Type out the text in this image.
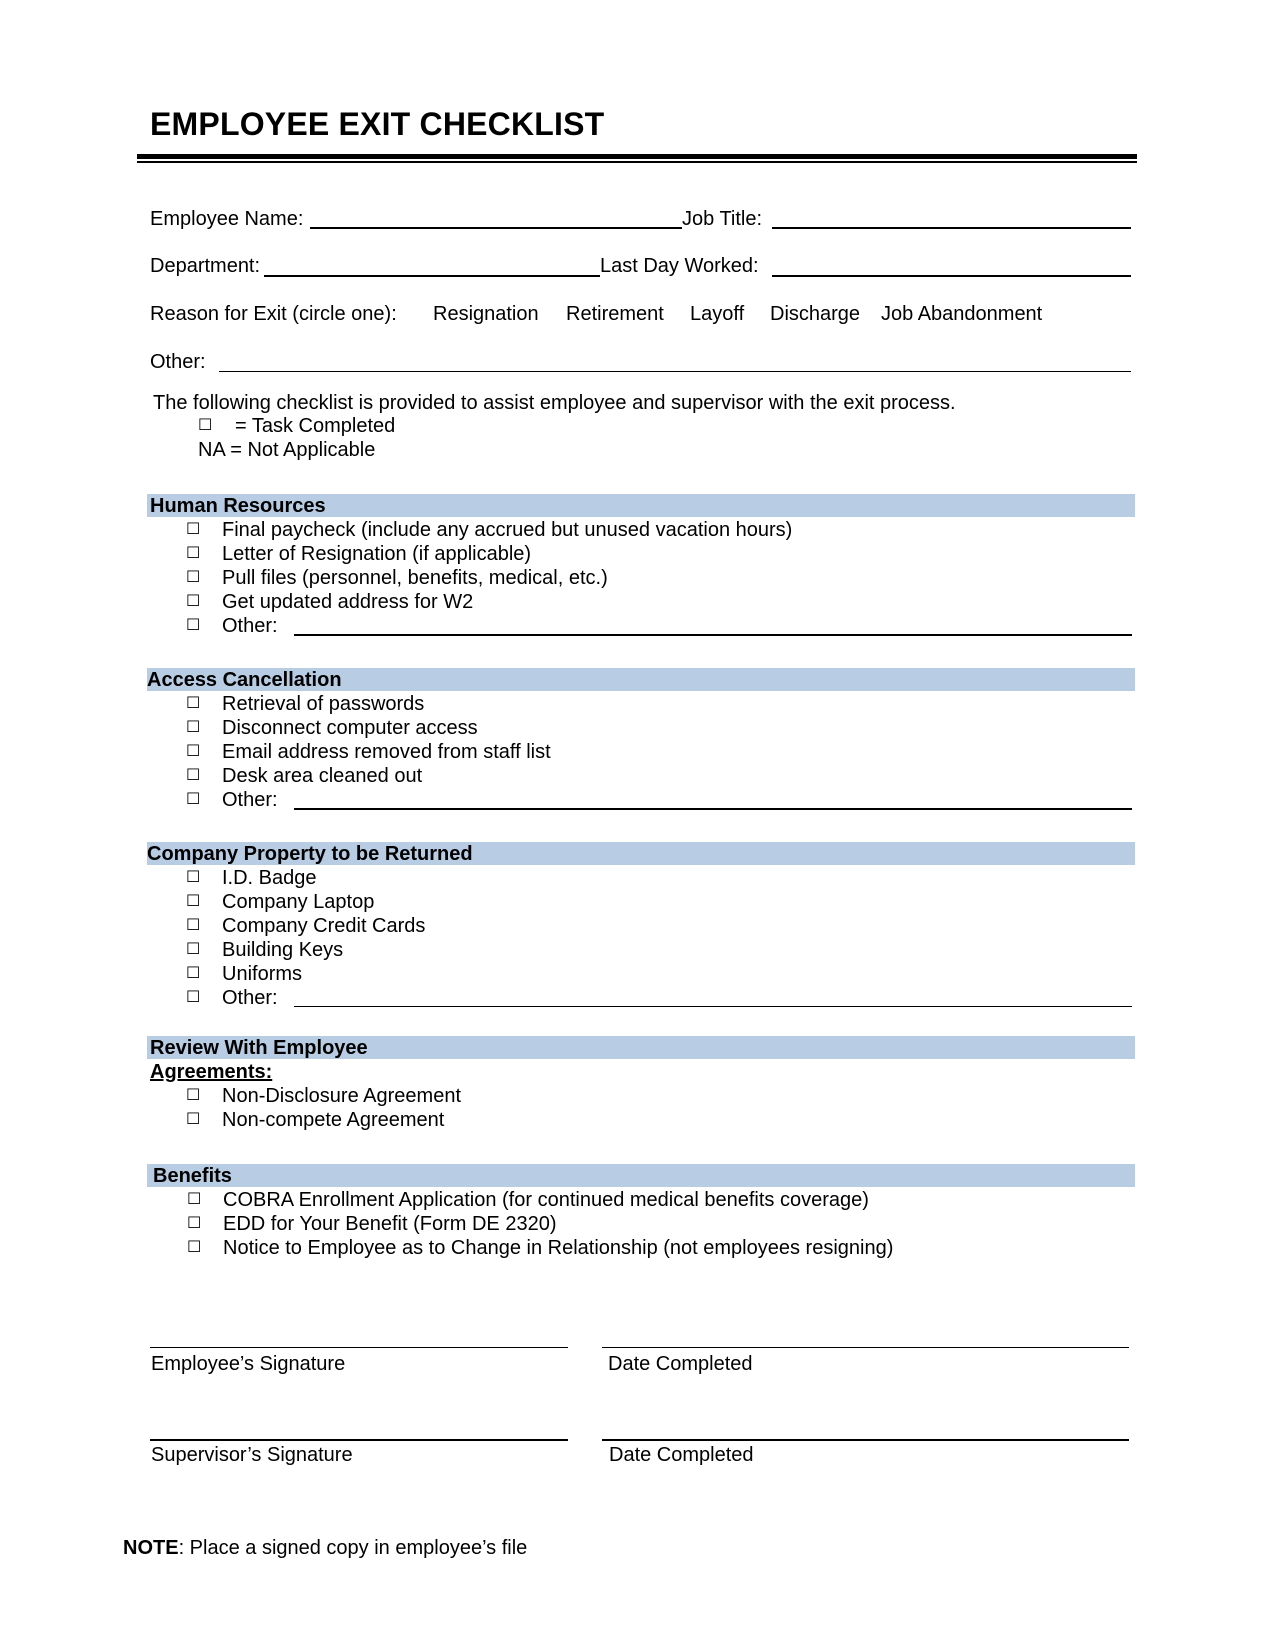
EMPLOYEE EXIT CHECKLIST
Employee Name:	Job Title:
Department:	Last Day Worked:
Reason for Exit (circle one): Resignation Retirement Layoff Discharge Job Abandonment
Other:
The following checklist is provided to assist employee and supervisor with the exit process.
☐ = Task Completed
NA = Not Applicable
Human Resources
☐ Final paycheck (include any accrued but unused vacation hours)
☐ Letter of Resignation (if applicable)
☐ Pull files (personnel, benefits, medical, etc.)
☐ Get updated address for W2
☐ Other:
Access Cancellation
☐ Retrieval of passwords
☐ Disconnect computer access
☐ Email address removed from staff list
☐ Desk area cleaned out
☐ Other:
Company Property to be Returned
☐ I.D. Badge
☐ Company Laptop
☐ Company Credit Cards
☐ Building Keys
☐ Uniforms
☐ Other:
Review With Employee
Agreements:
☐ Non-Disclosure Agreement
☐ Non-compete Agreement
Benefits
☐ COBRA Enrollment Application (for continued medical benefits coverage)
☐ EDD for Your Benefit (Form DE 2320)
☐ Notice to Employee as to Change in Relationship (not employees resigning)
Employee’s Signature	Date Completed
Supervisor’s Signature	Date Completed
NOTE: Place a signed copy in employee’s file
